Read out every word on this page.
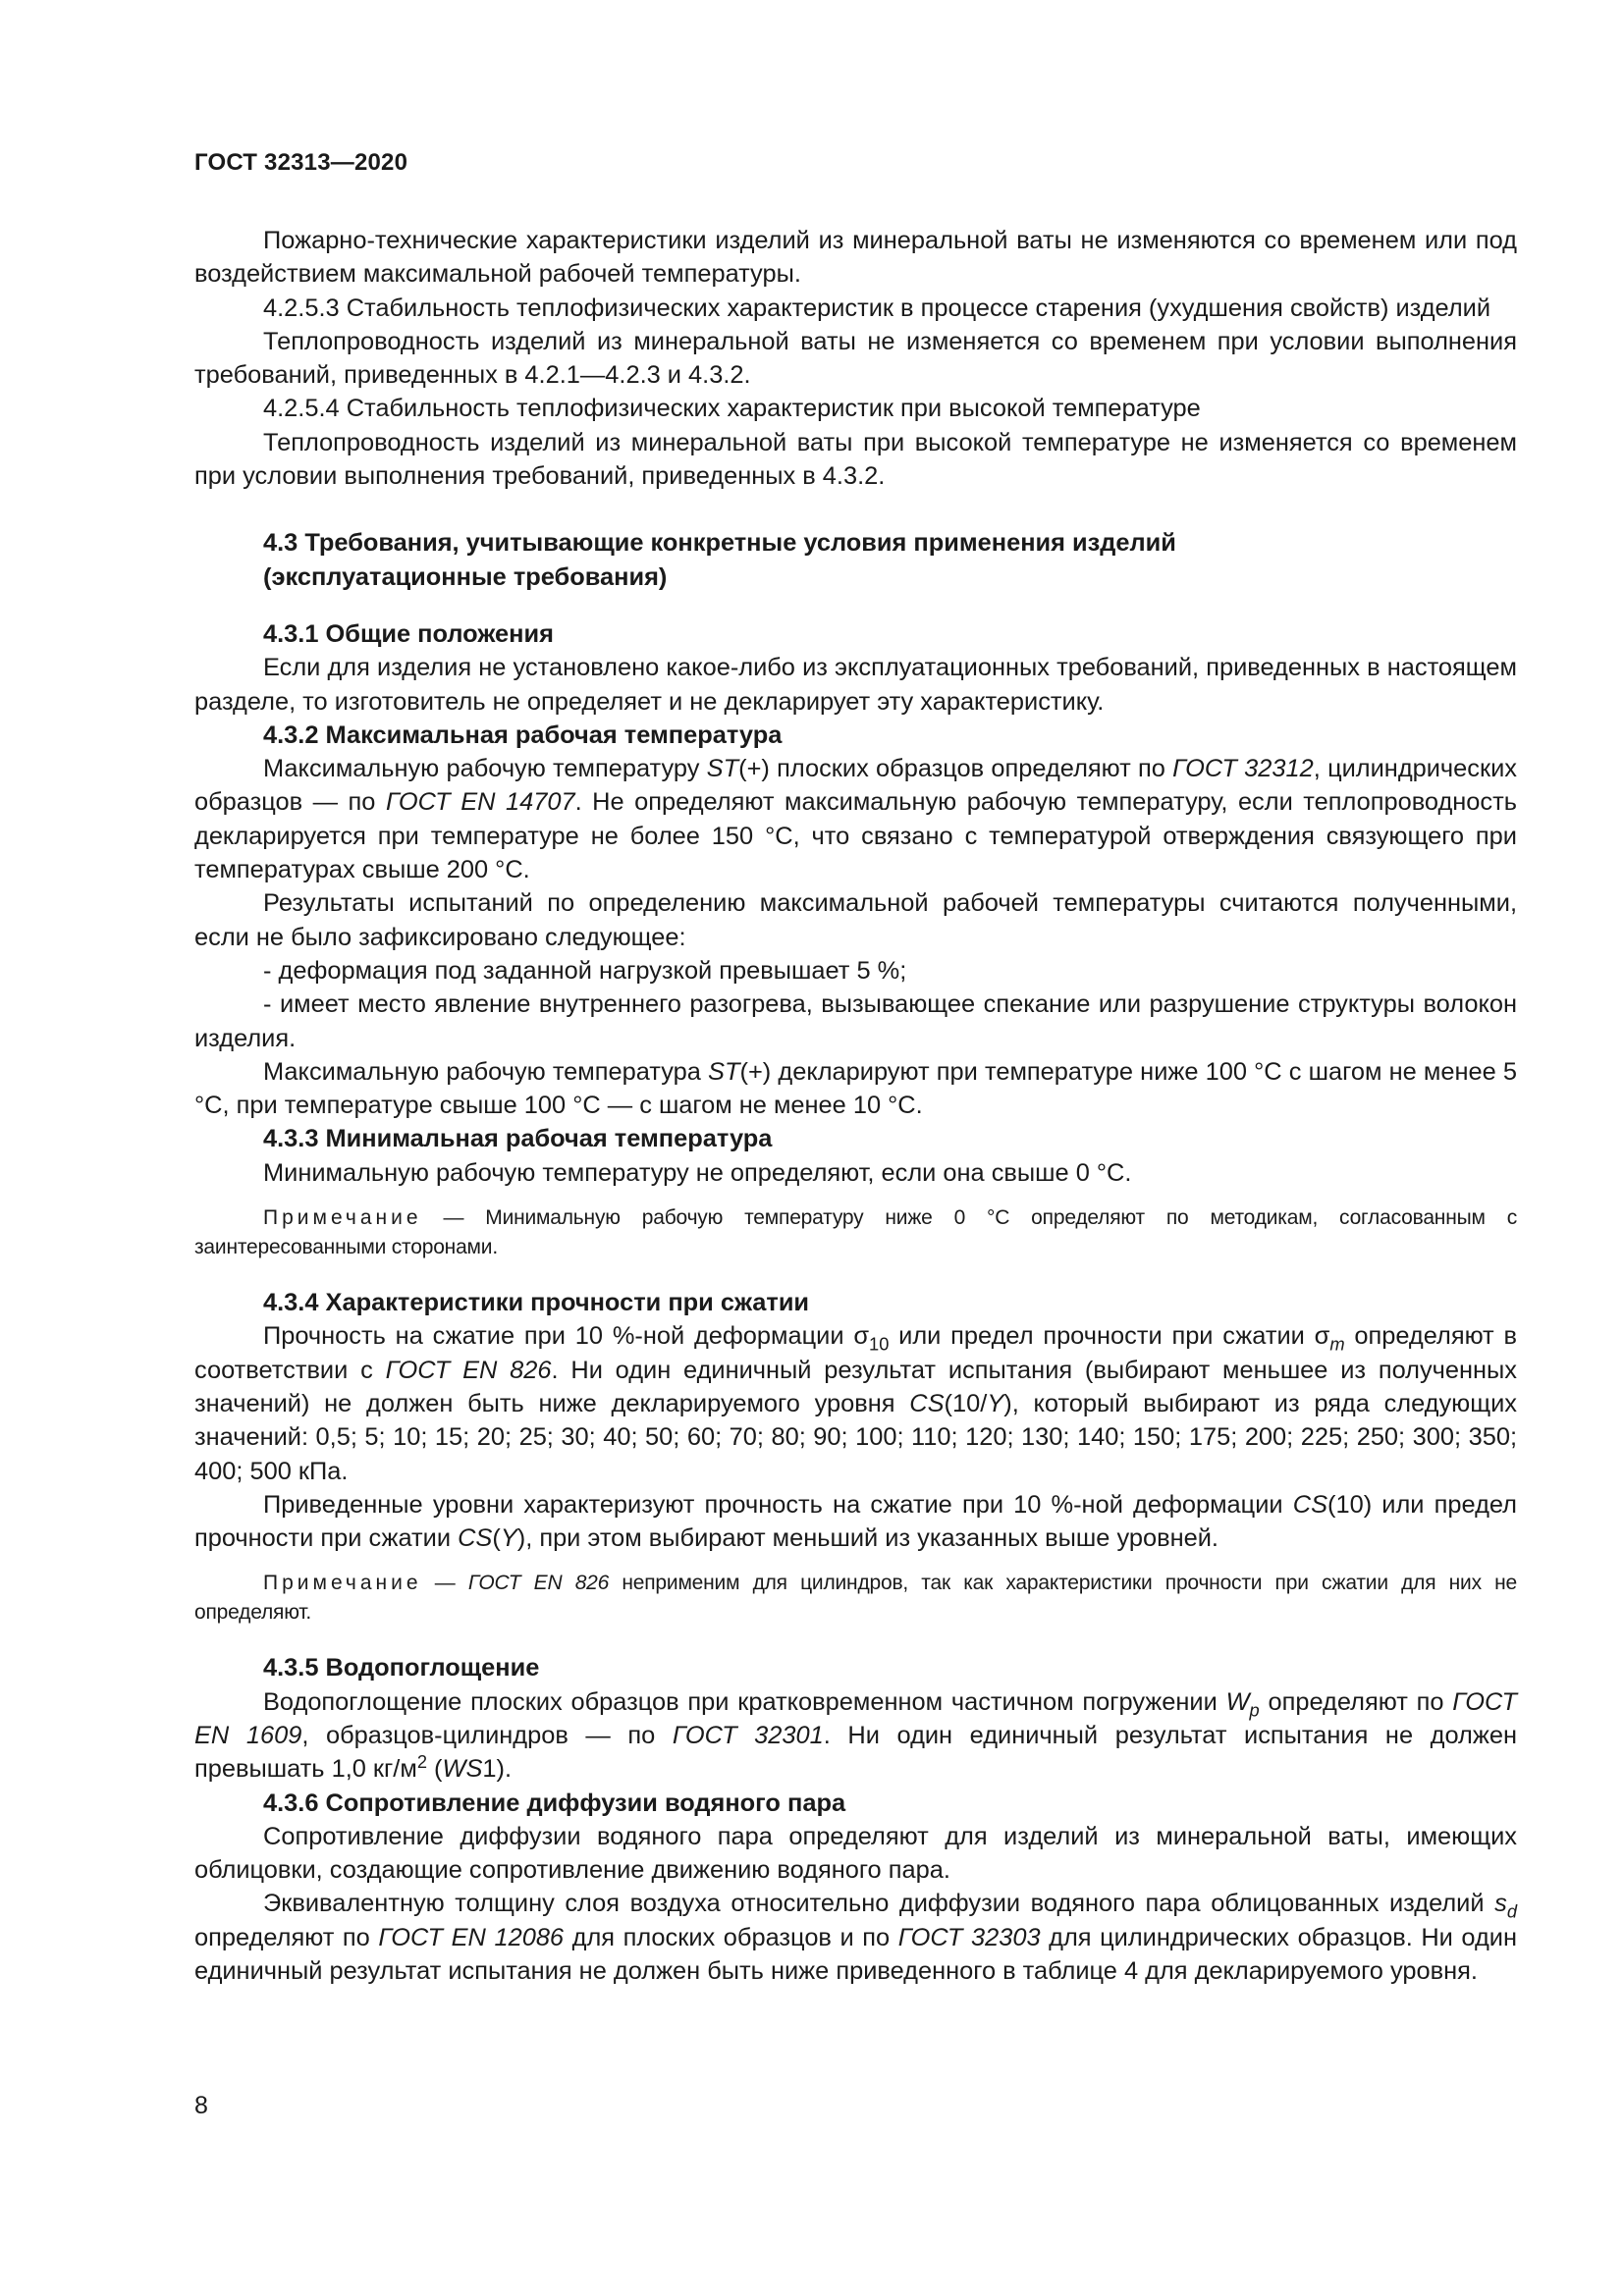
ГОСТ 32313—2020

Пожарно-технические характеристики изделий из минеральной ваты не изменяются со временем или под воздействием максимальной рабочей температуры.

4.2.5.3 Стабильность теплофизических характеристик в процессе старения (ухудшения свойств) изделий

Теплопроводность изделий из минеральной ваты не изменяется со временем при условии выполнения требований, приведенных в 4.2.1—4.2.3 и 4.3.2.

4.2.5.4 Стабильность теплофизических характеристик при высокой температуре

Теплопроводность изделий из минеральной ваты при высокой температуре не изменяется со временем при условии выполнения требований, приведенных в 4.3.2.

4.3 Требования, учитывающие конкретные условия применения изделий
(эксплуатационные требования)

4.3.1 Общие положения

Если для изделия не установлено какое-либо из эксплуатационных требований, приведенных в настоящем разделе, то изготовитель не определяет и не декларирует эту характеристику.

4.3.2 Максимальная рабочая температура

Максимальную рабочую температуру ST(+) плоских образцов определяют по ГОСТ 32312, цилиндрических образцов — по ГОСТ EN 14707. Не определяют максимальную рабочую температуру, если теплопроводность декларируется при температуре не более 150 °С, что связано с температурой отверждения связующего при температурах свыше 200 °С.

Результаты испытаний по определению максимальной рабочей температуры считаются полученными, если не было зафиксировано следующее:

- деформация под заданной нагрузкой превышает 5 %;

- имеет место явление внутреннего разогрева, вызывающее спекание или разрушение структуры волокон изделия.

Максимальную рабочую температура ST(+) декларируют при температуре ниже 100 °С с шагом не менее 5 °С, при температуре свыше 100 °С — с шагом не менее 10 °С.

4.3.3 Минимальная рабочая температура

Минимальную рабочую температуру не определяют, если она свыше 0 °С.

Примечание — Минимальную рабочую температуру ниже 0 °С определяют по методикам, согласованным с заинтересованными сторонами.

4.3.4 Характеристики прочности при сжатии

Прочность на сжатие при 10 %-ной деформации $\sigma_{10}$ или предел прочности при сжатии $\sigma_m$ определяют в соответствии с ГОСТ EN 826. Ни один единичный результат испытания (выбирают меньшее из полученных значений) не должен быть ниже декларируемого уровня CS(10/Y), который выбирают из ряда следующих значений: 0,5; 5; 10; 15; 20; 25; 30; 40; 50; 60; 70; 80; 90; 100; 110; 120; 130; 140; 150; 175; 200; 225; 250; 300; 350; 400; 500 кПа.

Приведенные уровни характеризуют прочность на сжатие при 10 %-ной деформации CS(10) или предел прочности при сжатии CS(Y), при этом выбирают меньший из указанных выше уровней.

Примечание — ГОСТ EN 826 неприменим для цилиндров, так как характеристики прочности при сжатии для них не определяют.

4.3.5 Водопоглощение

Водопоглощение плоских образцов при кратковременном частичном погружении $W_p$ определяют по ГОСТ EN 1609, образцов-цилиндров — по ГОСТ 32301. Ни один единичный результат испытания не должен превышать 1,0 $кг/м^2$ (WS1).

4.3.6 Сопротивление диффузии водяного пара

Сопротивление диффузии водяного пара определяют для изделий из минеральной ваты, имеющих облицовки, создающие сопротивление движению водяного пара.

Эквивалентную толщину слоя воздуха относительно диффузии водяного пара облицованных изделий $s_d$ определяют по ГОСТ EN 12086 для плоских образцов и по ГОСТ 32303 для цилиндрических образцов. Ни один единичный результат испытания не должен быть ниже приведенного в таблице 4 для декларируемого уровня.

8
